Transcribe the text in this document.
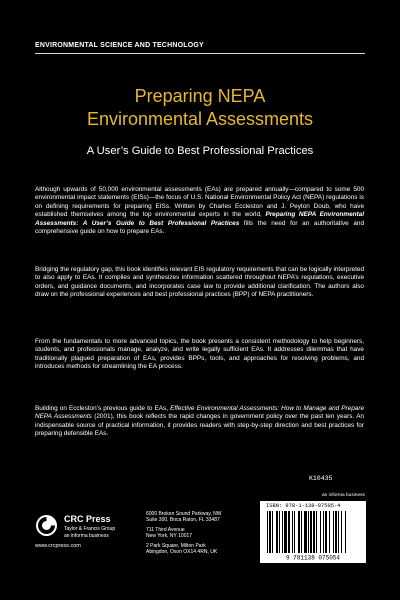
ENVIRONMENTAL SCIENCE AND TECHNOLOGY
Preparing NEPA
Environmental Assessments
A User’s Guide to Best Professional Practices
Although upwards of 50,000 environmental assessments (EAs) are prepared annually—compared to some 500 environmental impact statements (EISs)—the focus of U.S. National Environmental Policy Act (NEPA) regulations is on defining requirements for preparing EISs. Written by Charles Eccleston and J. Peyton Doub, who have established themselves among the top environmental experts in the world, Preparing NEPA Environmental Assessments: A User’s Guide to Best Professional Practices fills the need for an authoritative and comprehensive guide on how to prepare EAs.
Bridging the regulatory gap, this book identifies relevant EIS regulatory requirements that can be logically interpreted to also apply to EAs. It compiles and synthesizes information scattered throughout NEPA’s regulations, executive orders, and guidance documents, and incorporates case law to provide additional clarification. The authors also draw on the professional experiences and best professional practices (BPP) of NEPA practitioners.
From the fundamentals to more advanced topics, the book presents a consistent methodology to help beginners, students, and professionals manage, analyze, and write legally sufficient EAs. It addresses dilemmas that have traditionally plagued preparation of EAs, provides BPPs, tools, and approaches for resolving problems, and introduces methods for streamlining the EA process.
Building on Eccleston’s previous guide to EAs, Effective Environmental Assessments: How to Manage and Prepare NEPA Assessments (2001), this book reflects the rapid changes in government policy over the past ten years. An indispensable source of practical information, it provides readers with step-by-step direction and best practices for preparing defensible EAs.
K10435
an informa business
ISBN: 978-1-138-07505-4
9 781138 075054
CRC Press
Taylor & Francis Group
an informa business
www.crcpress.com
6000 Broken Sound Parkway, NW
Suite 300, Boca Raton, FL 33487
711 Third Avenue
New York, NY 10017
2 Park Square, Milton Park
Abingdon, Oxon OX14 4RN, UK
